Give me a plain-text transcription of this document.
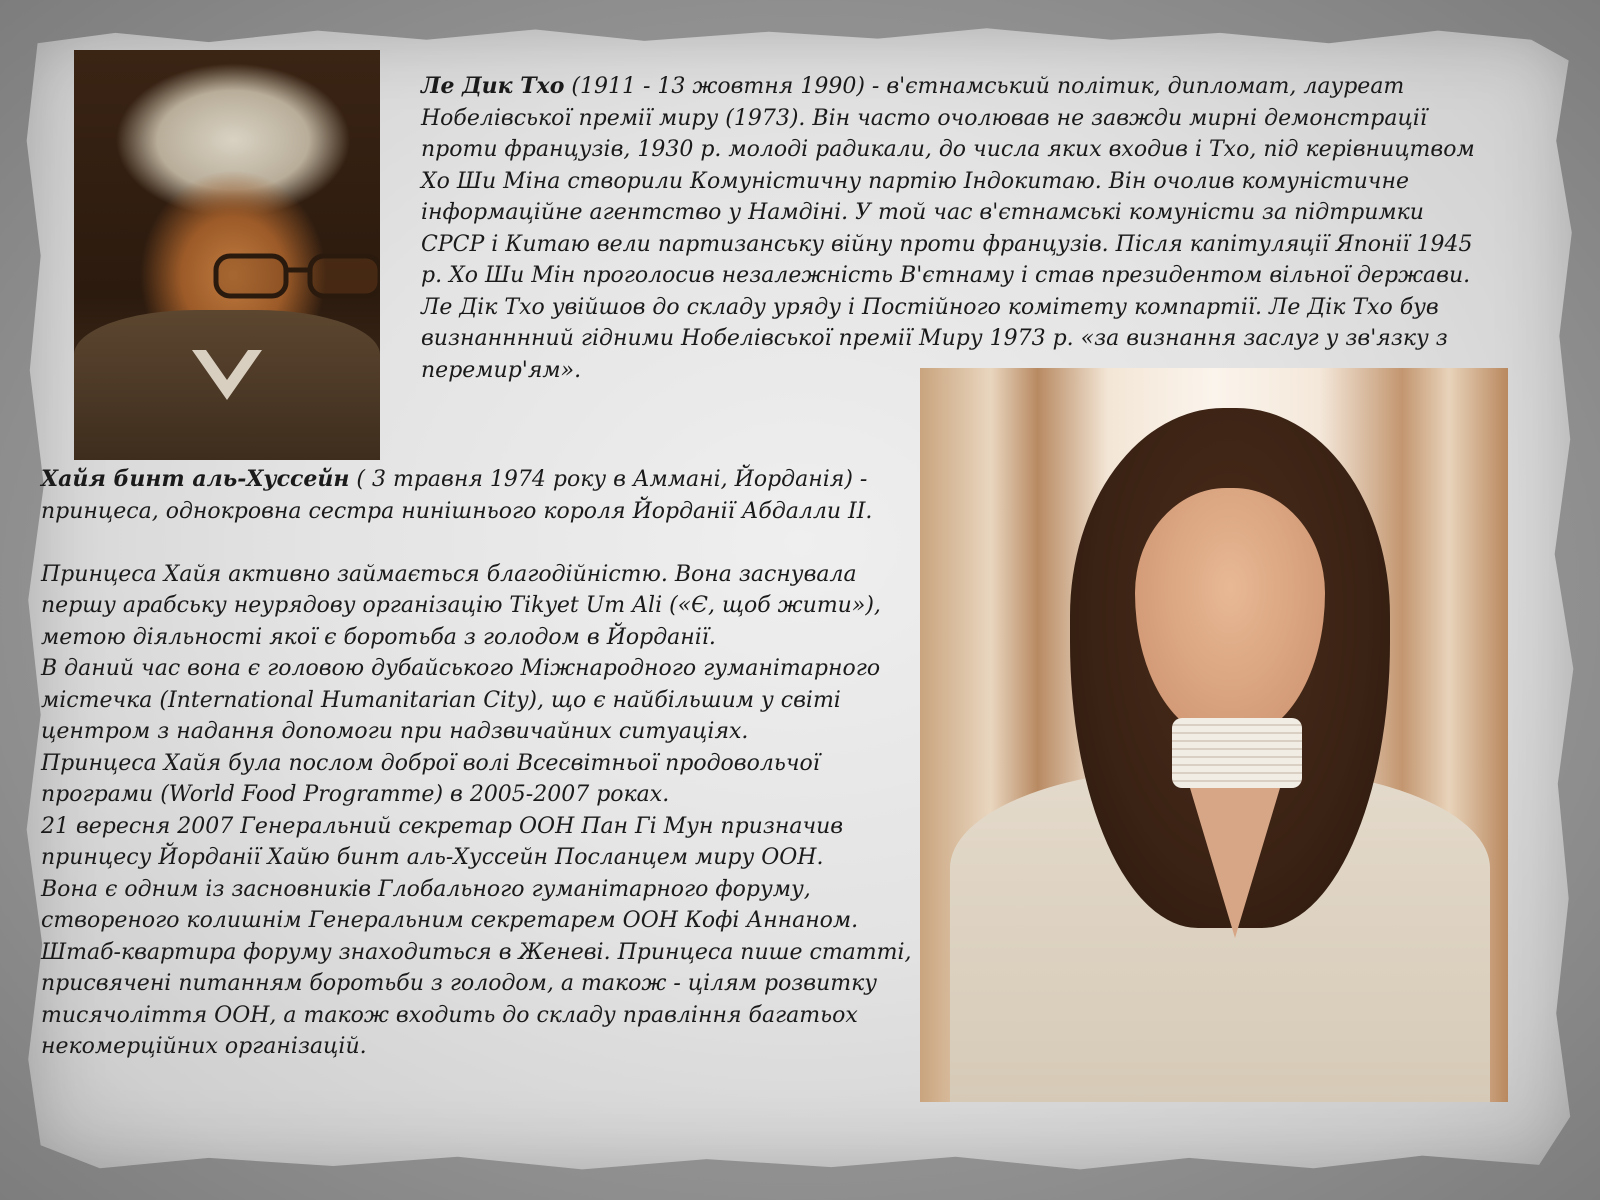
Ле Дик Тхо (1911 - 13 жовтня 1990) - в'єтнамський політик, дипломат, лауреат
Нобелівської премії миру (1973). Він часто очолював не завжди мирні демонстрації
проти французів, 1930 р. молоді радикали, до числа яких входив і Тхо, під керівництвом
Хо Ши Міна створили Комуністичну партію Індокитаю. Він очолив комуністичне
інформаційне агентство у Намдіні. У той час в'єтнамські комуністи за підтримки
СРСР і Китаю вели партизанську війну проти французів. Після капітуляції Японії 1945
р. Хо Ши Мін проголосив незалежність В'єтнаму і став президентом вільної держави.
Ле Дік Тхо увійшов до складу уряду і Постійного комітету компартії. Ле Дік Тхо був
визнанннний гідними Нобелівської премії Миру 1973 р. «за визнання заслуг у зв'язку з
перемир'ям».
Хайя бинт аль-Хуссейн ( 3 травня 1974 року в Аммані, Йорданія) -
принцеса, однокровна сестра нинішнього короля Йорданії Абдалли II.
Принцеса Хайя активно займається благодійністю. Вона заснувала
першу арабську неурядову організацію Tikyet Um Ali («Є, щоб жити»),
метою діяльності якої є боротьба з голодом в Йорданії.
В даний час вона є головою дубайського Міжнародного гуманітарного
містечка (International Humanitarian City), що є найбільшим у світі
центром з надання допомоги при надзвичайних ситуаціях.
Принцеса Хайя була послом доброї волі Всесвітньої продовольчої
програми (World Food Programme) в 2005-2007 роках.
21 вересня 2007 Генеральний секретар ООН Пан Гі Мун призначив
принцесу Йорданії Хайю бинт аль-Хуссейн Посланцем миру ООН.
Вона є одним із засновників Глобального гуманітарного форуму,
створеного колишнім Генеральним секретарем ООН Кофі Аннаном.
Штаб-квартира форуму знаходиться в Женеві. Принцеса пише статті,
присвячені питанням боротьби з голодом, а також - цілям розвитку
тисячоліття ООН, а також входить до складу правління багатьох
некомерційних організацій.
